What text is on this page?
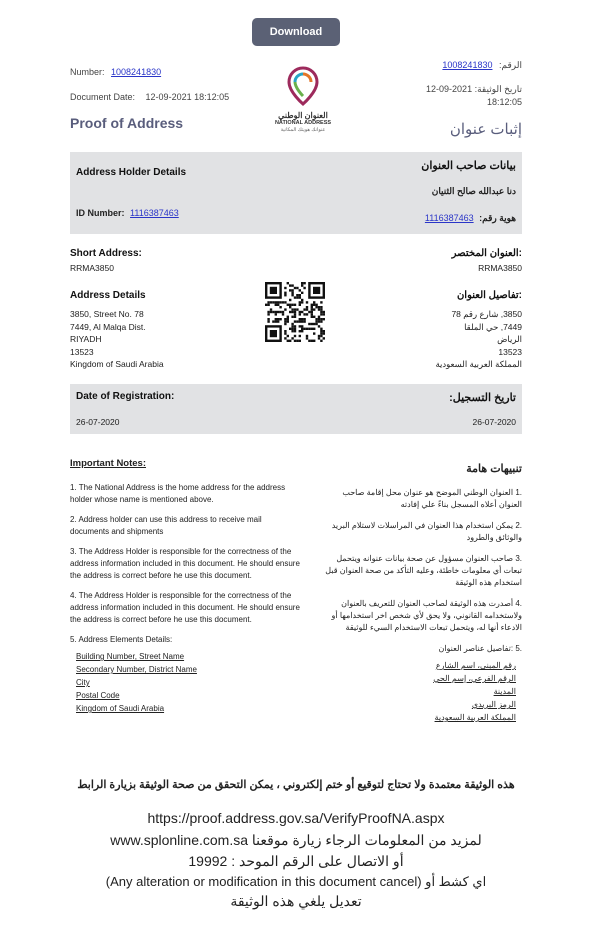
Download
Number: 1008241830
Document Date: 12-09-2021 18:12:05
Proof of Address	العنوان الوطني
NATIONAL ADDRESS
عنوانك هويتك المكانية
الرقم: 1008241830
تاريخ الوثيقة: 2021-09-12
18:12:05
إثبات عنوان
Address Holder Details
بيانات صاحب العنوان
دنا عبدالله صالح الثنيان
ID Number: 1116387463	هوية رقم: 1116387463
Short Address:
RRMA3850
:العنوان المختصر
RRMA3850
Address Details
3850, Street No. 78
7449, Al Malqa Dist.
RIYADH
13523
Kingdom of Saudi Arabia
:تفاصيل العنوان
3850, شارع رقم 78
7449, حي الملقا
الرياض
13523
المملكة العربية السعودية
Date of Registration:
26-07-2020
تاريخ التسجيل:
26-07-2020
Important Notes:
1. The National Address is the home address for the address holder whose name is mentioned above.
2. Address holder can use this address to receive mail documents and shipments
3. The Address Holder is responsible for the correctness of the address information included in this document. He should ensure the address is correct before he use this document.
4. The Address Holder is responsible for the correctness of the address information included in this document. He should ensure the address is correct before he use this document.
5. Address Elements Details:
Building Number, Street Name
Secondary Number, District Name
City
Postal Code
Kingdom of Saudi Arabia
تنبيهات هامة
.1 العنوان الوطني الموضح هو عنوان محل إقامة صاحب العنوان أعلاه المسجل بناءً علي إفادته
.2 يمكن استخدام هذا العنوان في المراسلات لاستلام البريد والوثائق والطرود
.3 صاحب العنوان مسؤول عن صحة بيانات عنوانه ويتحمل تبعات أي معلومات خاطئة، وعليه التأكد من صحة العنوان قبل استخدام هذه الوثيقة
.4 أصدرت هذه الوثيقة لصاحب العنوان للتعريف بالعنوان ولاستخدامه القانوني، ولا يحق لأي شخص اخر استخدامها أو الادعاء أنها له، ويتحمل تبعات الاستخدام السيء للوثيقة
.5 :تفاصيل عناصر العنوان
رقم المبنى، اسم الشارع
الرقم الفرعي، إسم الحي
المدينة
الرمز البريدي
المملكة العربية السعودية
هذه الوثيقة معتمدة ولا تحتاج لتوقيع أو ختم إلكتروني ، يمكن التحقق من صحة الوثيقة بزيارة الرابط
https://proof.address.gov.sa/VerifyProofNA.aspx
لمزيد من المعلومات الرجاء زيارة موقعنا www.splonline.com.sa
أو الاتصال على الرقم الموحد : 19992
اي كشط أو (Any alteration or modification in this document cancel)
تعديل يلغي هذه الوثيقة
